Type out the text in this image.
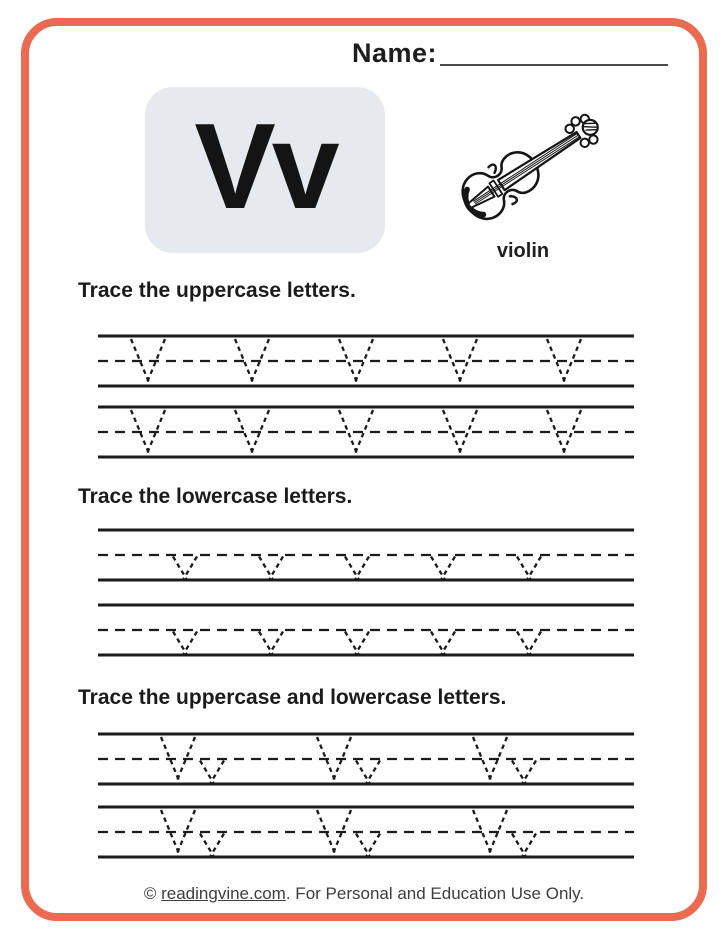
Name:
Vv
violin
Trace the uppercase letters.
Trace the lowercase letters.
Trace the uppercase and lowercase letters.
© readingvine.com. For Personal and Education Use Only.
